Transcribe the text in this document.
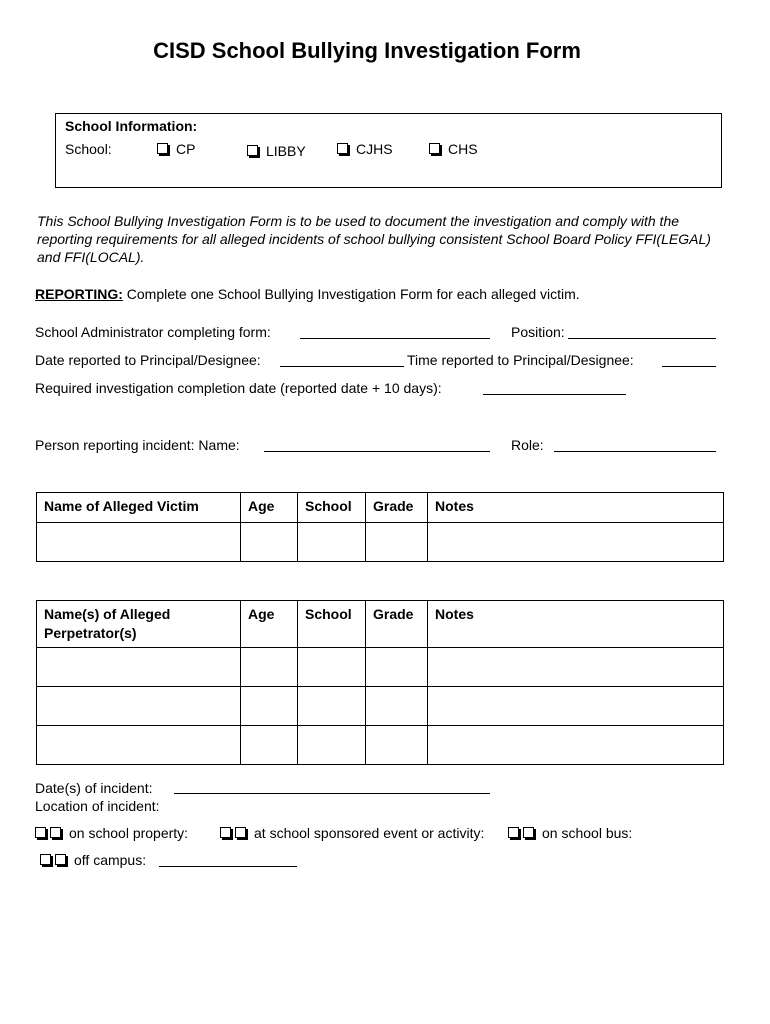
CISD School Bullying Investigation Form
School Information:
School:	CP	LIBBY	CJHS	CHS
This School Bullying Investigation Form is to be used to document the investigation and comply with the reporting requirements for all alleged incidents of school bullying consistent School Board Policy FFI(LEGAL) and FFI(LOCAL).
REPORTING: Complete one School Bullying Investigation Form for each alleged victim.
School Administrator completing form:	Position:
Date reported to Principal/Designee:	Time reported to Principal/Designee:
Required investigation completion date (reported date + 10 days):
Person reporting incident: Name:	Role:
Name of Alleged Victim	Age	School	Grade	Notes

Name(s) of Alleged Perpetrator(s)	Age	School	Grade	Notes

Date(s) of incident:
Location of incident:
on school property:	at school sponsored event or activity:	on school bus:
off campus:
